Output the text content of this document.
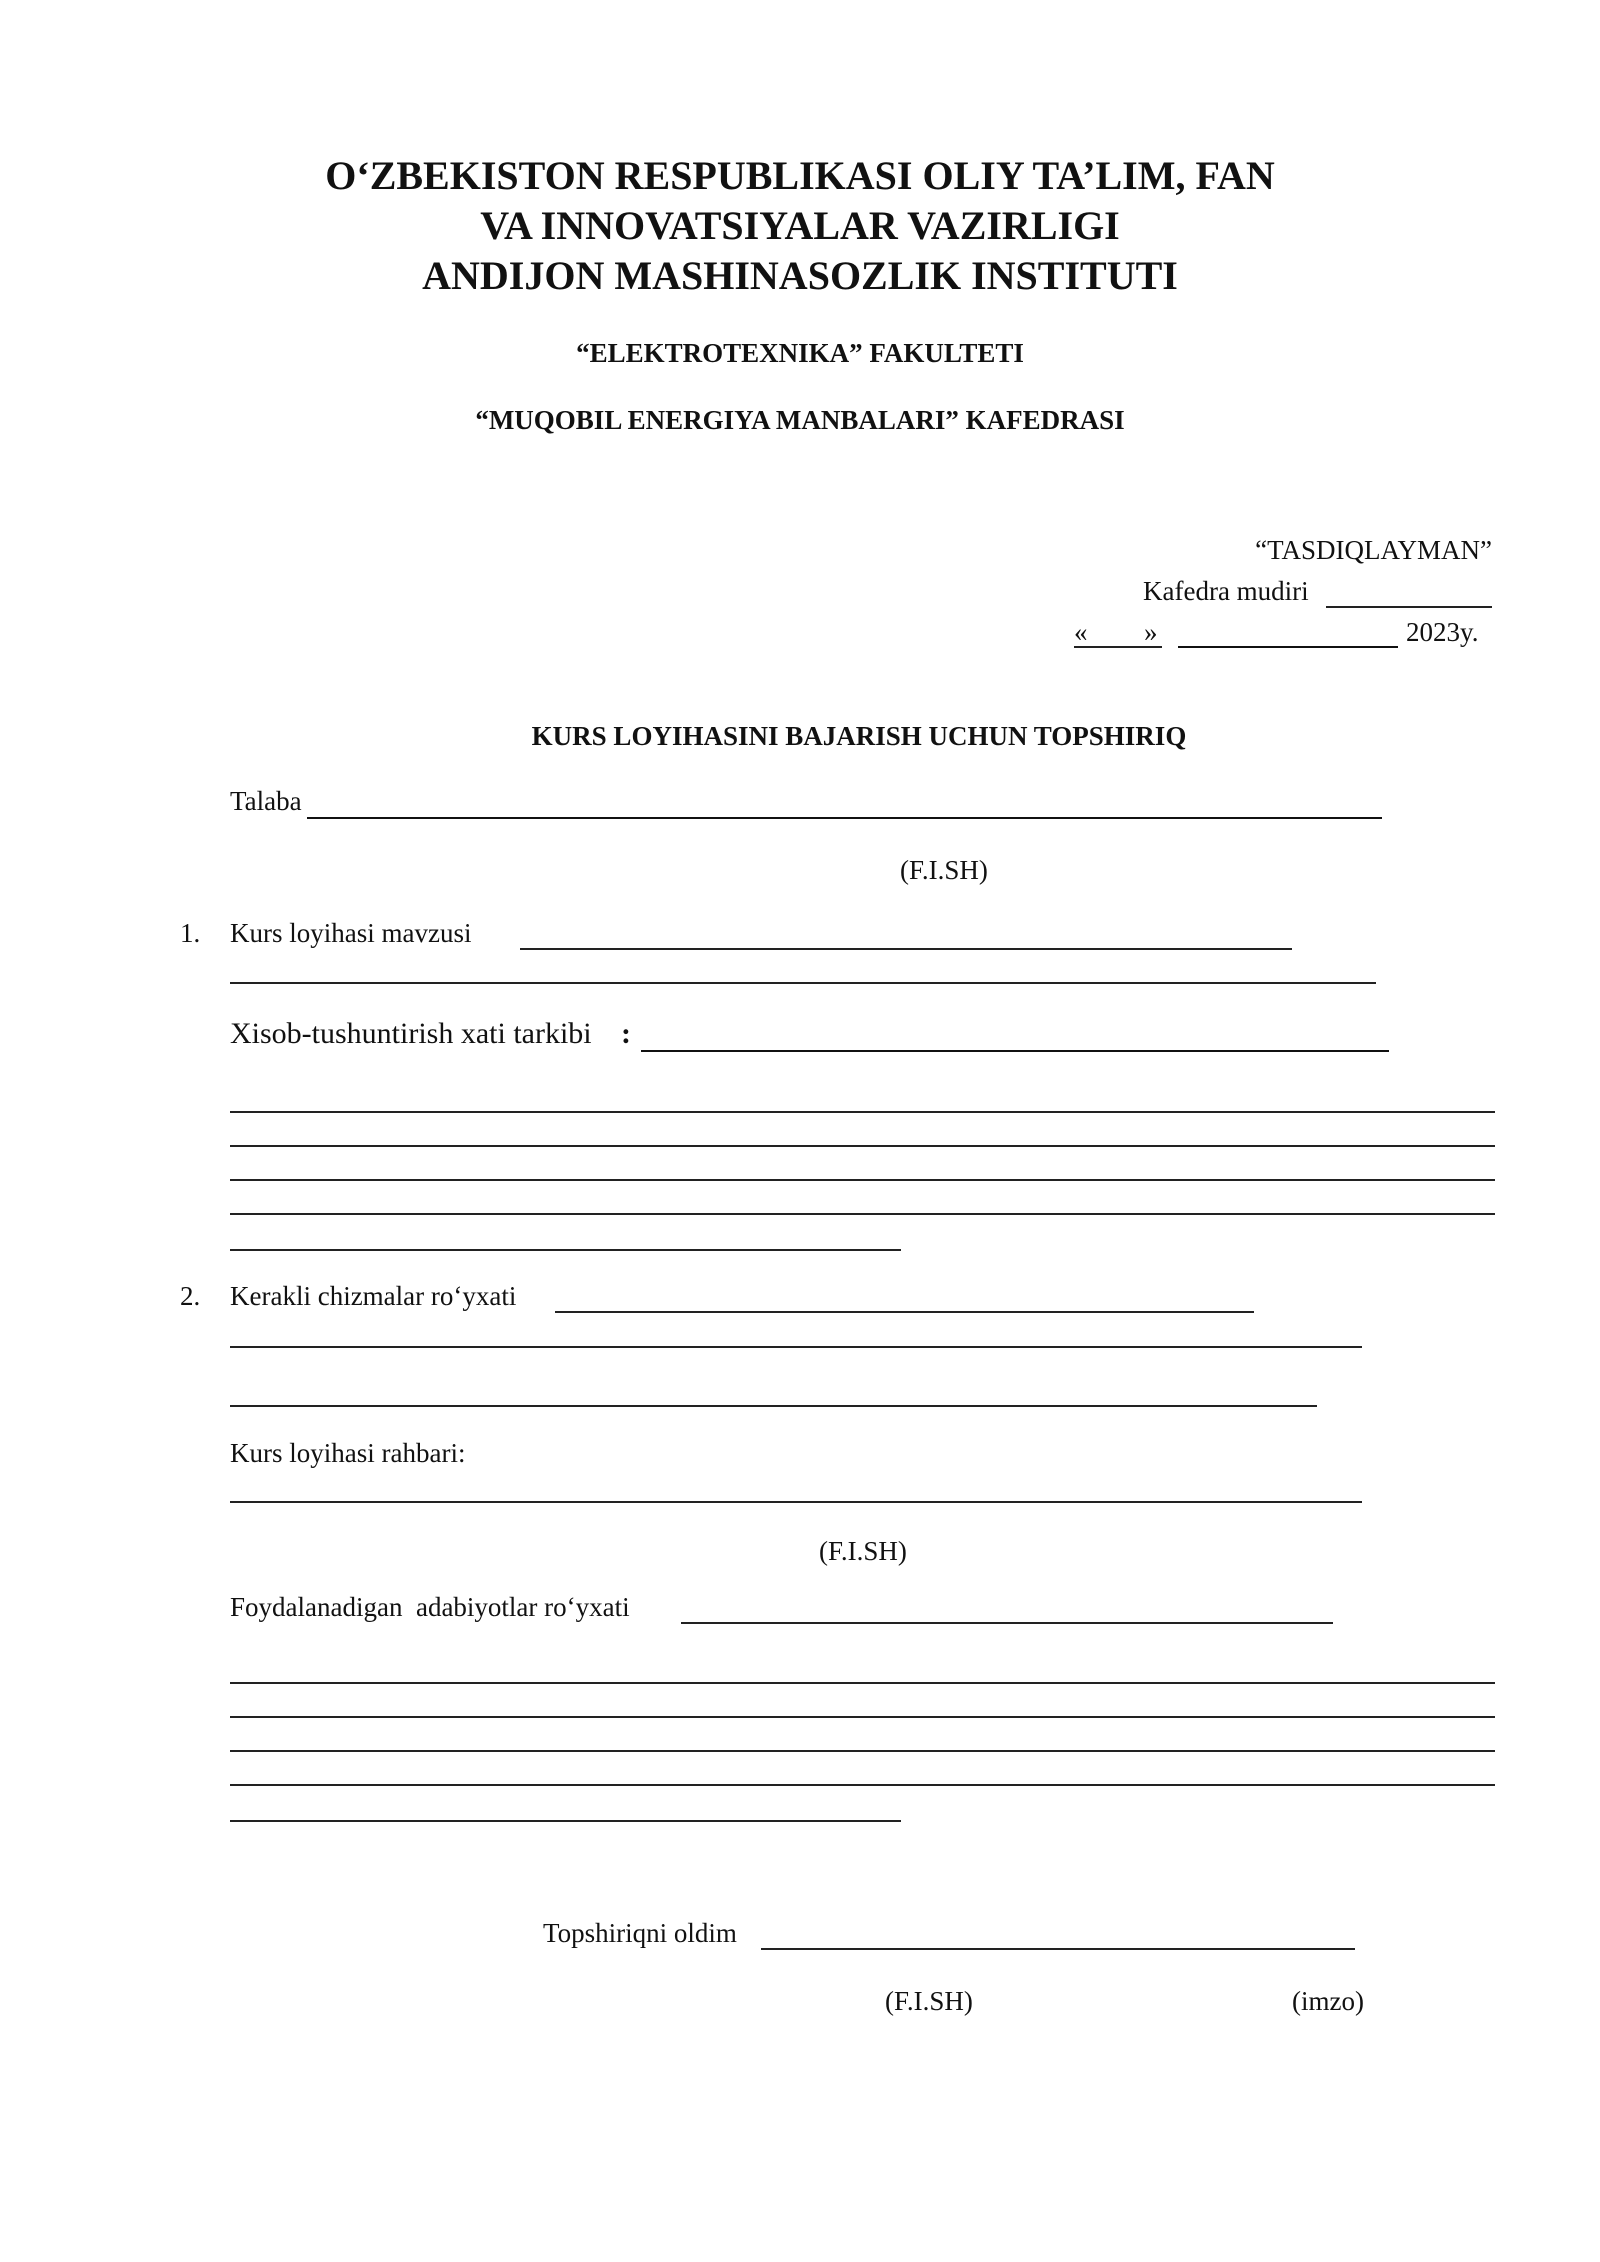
O‘ZBEKISTON RESPUBLIKASI OLIY TA’LIM, FAN
VA INNOVATSIYALAR VAZIRLIGI
ANDIJON MASHINASOZLIK INSTITUTI
“ELEKTROTEXNIKA” FAKULTETI
“MUQOBIL ENERGIYA MANBALARI” KAFEDRASI
“TASDIQLAYMAN”
Kafedra mudiri
« »	2023y.
KURS LOYIHASINI BAJARISH UCHUN TOPSHIRIQ
Talaba
(F.I.SH)
1. Kurs loyihasi mavzusi
Xisob-tushuntirish xati tarkibi :
2. Kerakli chizmalar ro‘yxati
Kurs loyihasi rahbari:
(F.I.SH)
Foydalanadigan  adabiyotlar ro‘yxati
Topshiriqni oldim
(F.I.SH)	(imzo)
